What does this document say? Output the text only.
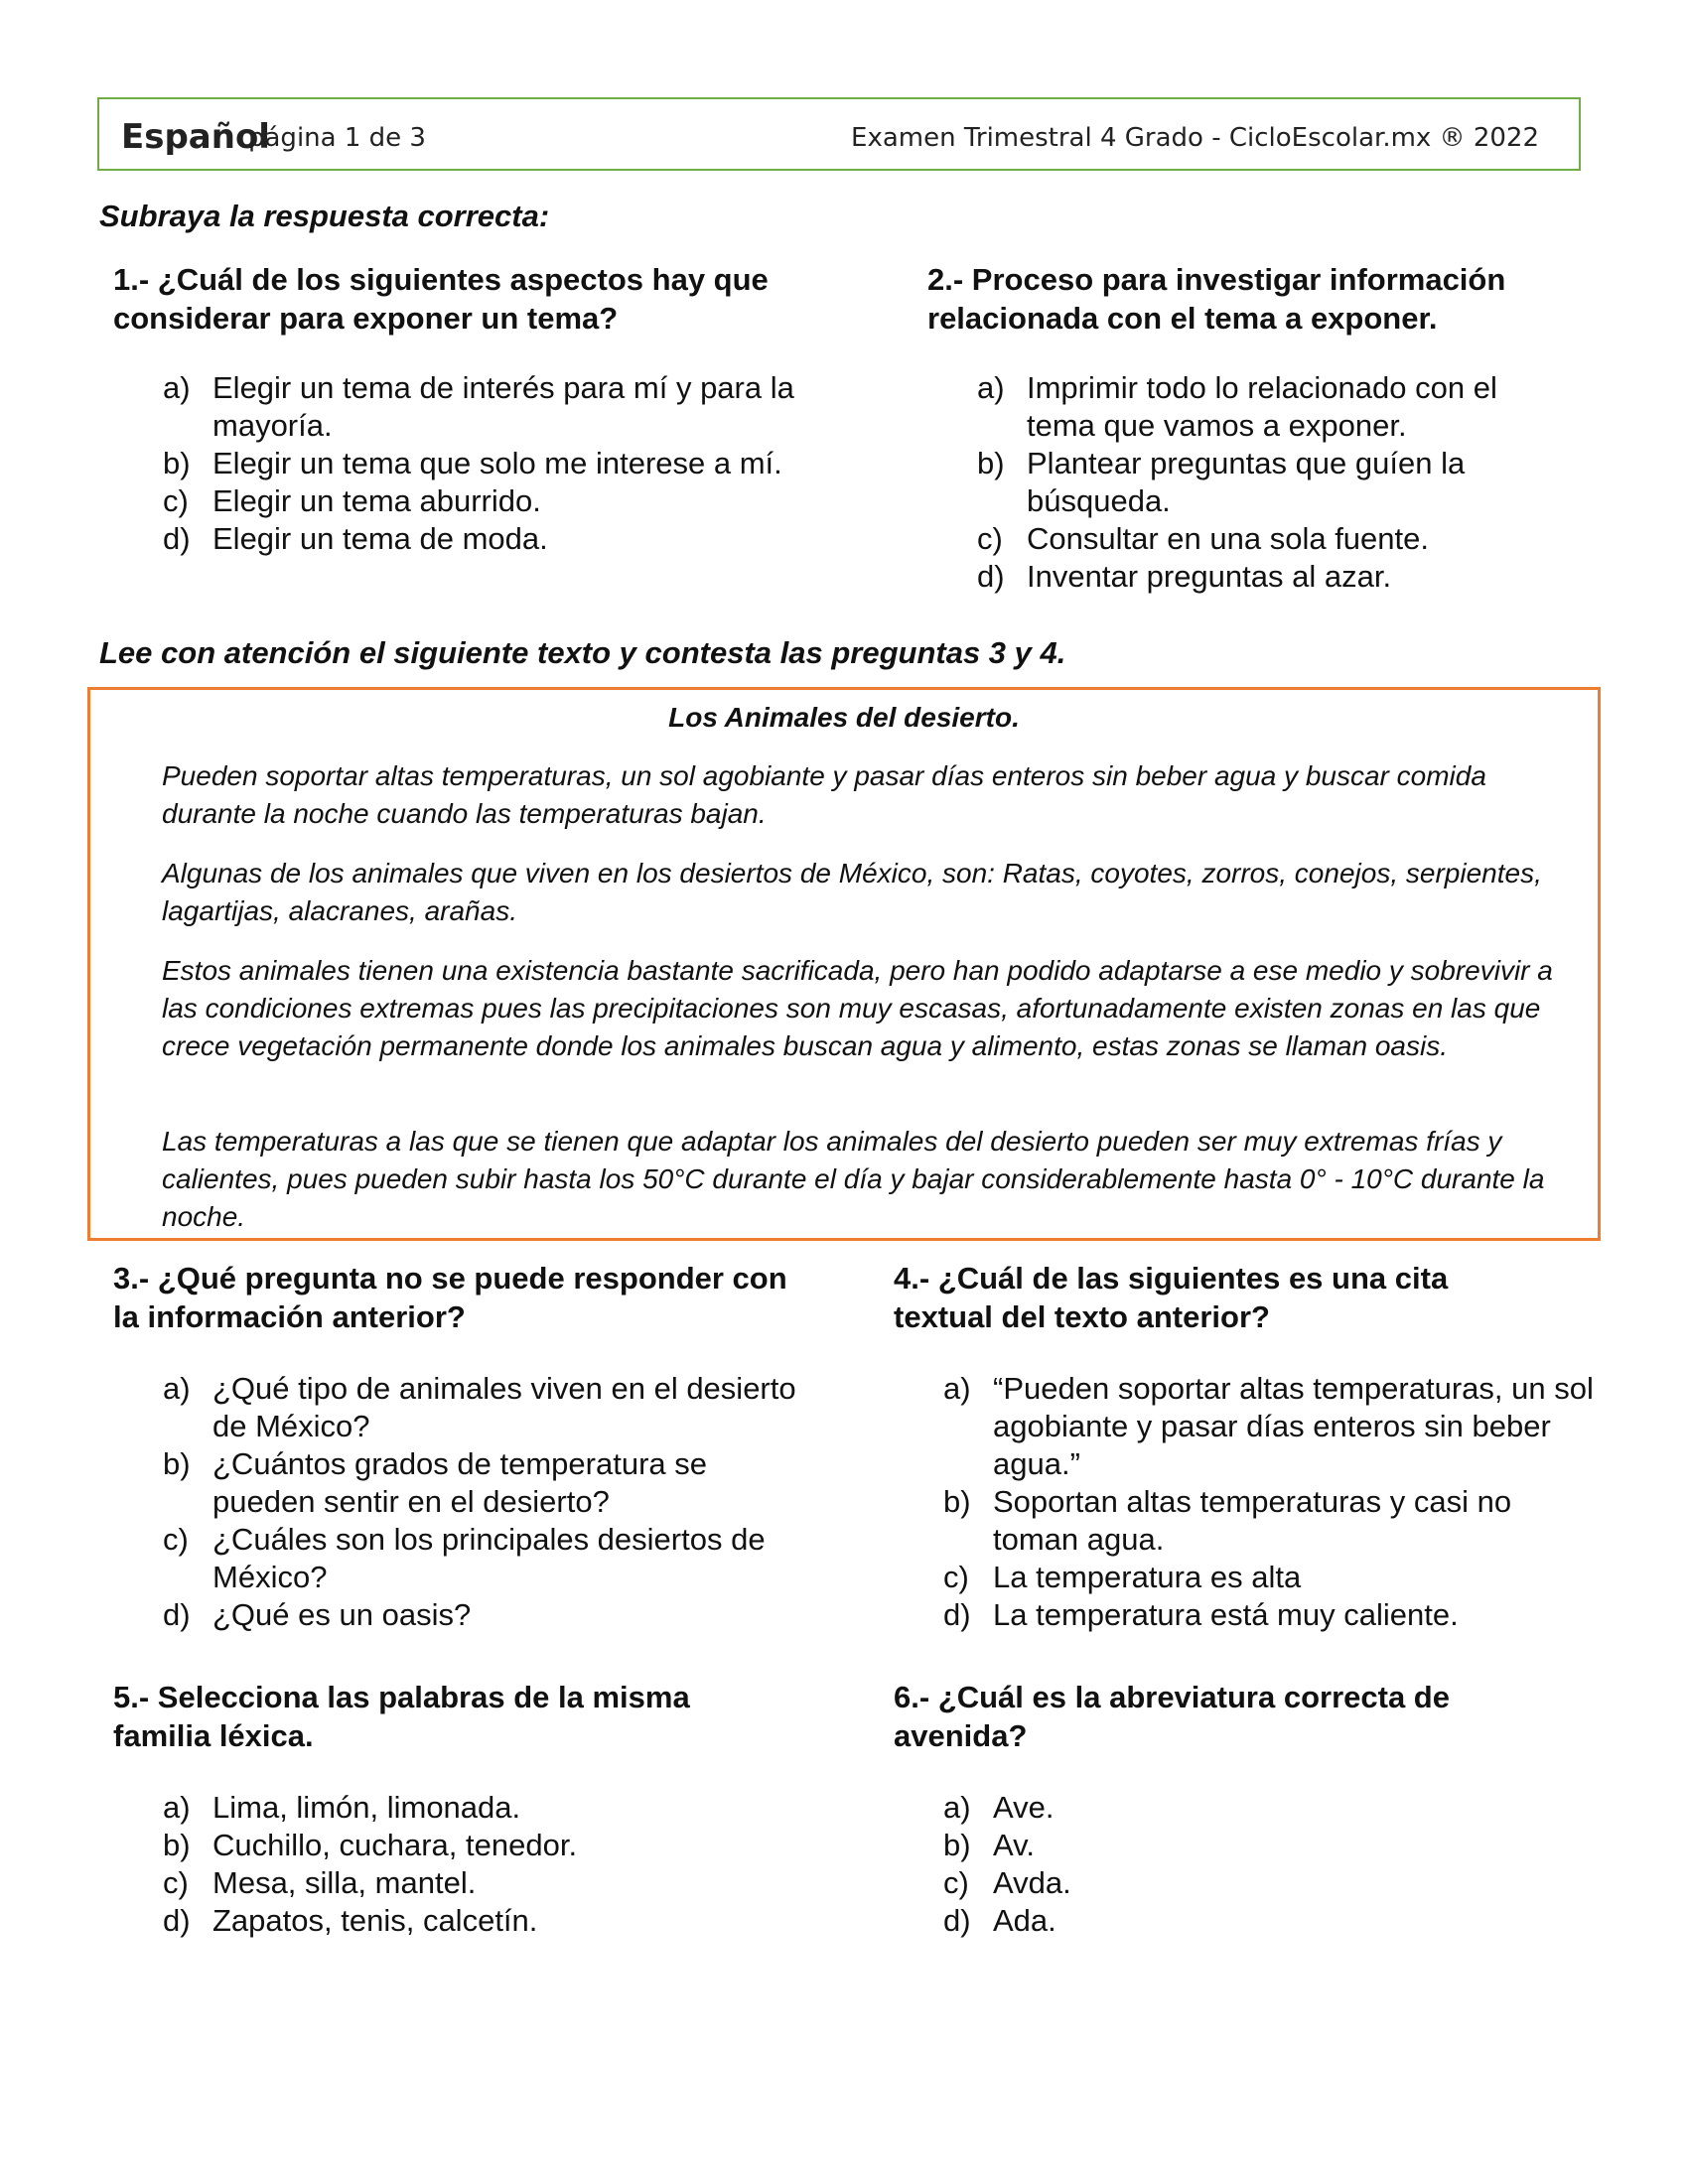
Español
página 1 de 3	Examen Trimestral 4 Grado - CicloEscolar.mx ® 2022
Subraya la respuesta correcta:
1.- ¿Cuál de los siguientes aspectos hay que considerar para exponer un tema?
a) Elegir un tema de interés para mí y para la mayoría.
b) Elegir un tema que solo me interese a mí.
c) Elegir un tema aburrido.
d) Elegir un tema de moda.
2.- Proceso para investigar información relacionada con el tema a exponer.
a) Imprimir todo lo relacionado con el tema que vamos a exponer.
b) Plantear preguntas que guíen la búsqueda.
c) Consultar en una sola fuente.
d) Inventar preguntas al azar.
Lee con atención el siguiente texto y contesta las preguntas 3 y 4.
Los Animales del desierto.

Pueden soportar altas temperaturas, un sol agobiante y pasar días enteros sin beber agua y buscar comida durante la noche cuando las temperaturas bajan.

Algunas de los animales que viven en los desiertos de México, son: Ratas, coyotes, zorros, conejos, serpientes, lagartijas, alacranes, arañas.

Estos animales tienen una existencia bastante sacrificada, pero han podido adaptarse a ese medio y sobrevivir a las condiciones extremas pues las precipitaciones son muy escasas, afortunadamente existen zonas en las que crece vegetación permanente donde los animales buscan agua y alimento, estas zonas se llaman oasis.

Las temperaturas a las que se tienen que adaptar los animales del desierto pueden ser muy extremas frías y calientes, pues pueden subir hasta los 50°C durante el día y bajar considerablemente hasta 0° - 10°C durante la noche.

3.- ¿Qué pregunta no se puede responder con la información anterior?
a) ¿Qué tipo de animales viven en el desierto de México?
b) ¿Cuántos grados de temperatura se pueden sentir en el desierto?
c) ¿Cuáles son los principales desiertos de México?
d) ¿Qué es un oasis?
4.- ¿Cuál de las siguientes es una cita textual del texto anterior?
a) “Pueden soportar altas temperaturas, un sol agobiante y pasar días enteros sin beber agua.”
b) Soportan altas temperaturas y casi no toman agua.
c) La temperatura es alta
d) La temperatura está muy caliente.
5.- Selecciona las palabras de la misma familia léxica.
a) Lima, limón, limonada.
b) Cuchillo, cuchara, tenedor.
c) Mesa, silla, mantel.
d) Zapatos, tenis, calcetín.
6.- ¿Cuál es la abreviatura correcta de avenida?
a) Ave.
b) Av.
c) Avda.
d) Ada.
